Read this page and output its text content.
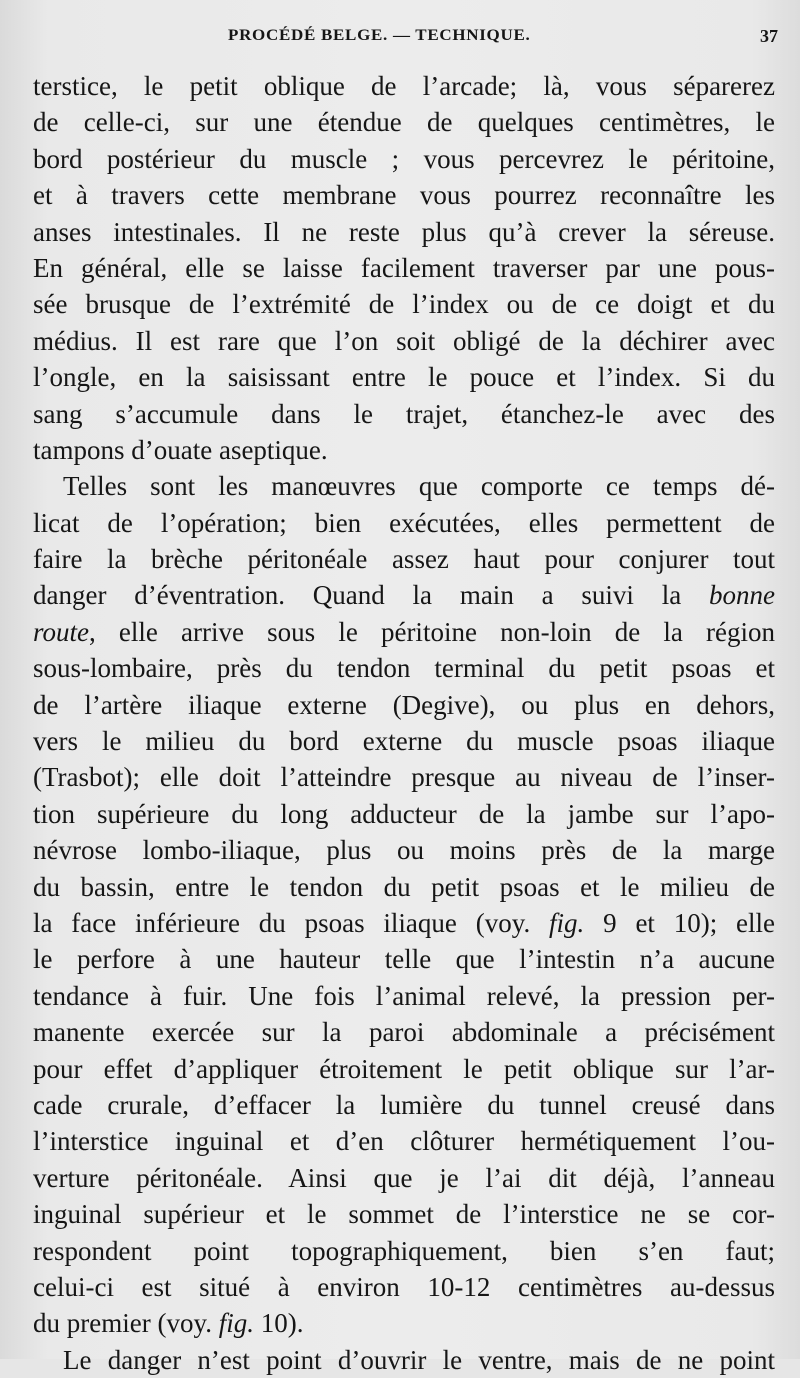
PROCÉDÉ BELGE. — TECHNIQUE.	37
terstice, le petit oblique de l’arcade; là, vous séparerez
de celle-ci, sur une étendue de quelques centimètres, le
bord postérieur du muscle ; vous percevrez le péritoine,
et à travers cette membrane vous pourrez reconnaître les
anses intestinales. Il ne reste plus qu’à crever la séreuse.
En général, elle se laisse facilement traverser par une pous-
sée brusque de l’extrémité de l’index ou de ce doigt et du
médius. Il est rare que l’on soit obligé de la déchirer avec
l’ongle, en la saisissant entre le pouce et l’index. Si du
sang s’accumule dans le trajet, étanchez-le avec des
tampons d’ouate aseptique.
Telles sont les manœuvres que comporte ce temps dé-
licat de l’opération; bien exécutées, elles permettent de
faire la brèche péritonéale assez haut pour conjurer tout
danger d’éventration. Quand la main a suivi la bonne
route, elle arrive sous le péritoine non-loin de la région
sous-lombaire, près du tendon terminal du petit psoas et
de l’artère iliaque externe (Degive), ou plus en dehors,
vers le milieu du bord externe du muscle psoas iliaque
(Trasbot); elle doit l’atteindre presque au niveau de l’inser-
tion supérieure du long adducteur de la jambe sur l’apo-
névrose lombo-iliaque, plus ou moins près de la marge
du bassin, entre le tendon du petit psoas et le milieu de
la face inférieure du psoas iliaque (voy. fig. 9 et 10); elle
le perfore à une hauteur telle que l’intestin n’a aucune
tendance à fuir. Une fois l’animal relevé, la pression per-
manente exercée sur la paroi abdominale a précisément
pour effet d’appliquer étroitement le petit oblique sur l’ar-
cade crurale, d’effacer la lumière du tunnel creusé dans
l’interstice inguinal et d’en clôturer hermétiquement l’ou-
verture péritonéale. Ainsi que je l’ai dit déjà, l’anneau
inguinal supérieur et le sommet de l’interstice ne se cor-
respondent point topographiquement, bien s’en faut;
celui-ci est situé à environ 10-12 centimètres au-dessus
du premier (voy. fig. 10).
Le danger n’est point d’ouvrir le ventre, mais de ne point
